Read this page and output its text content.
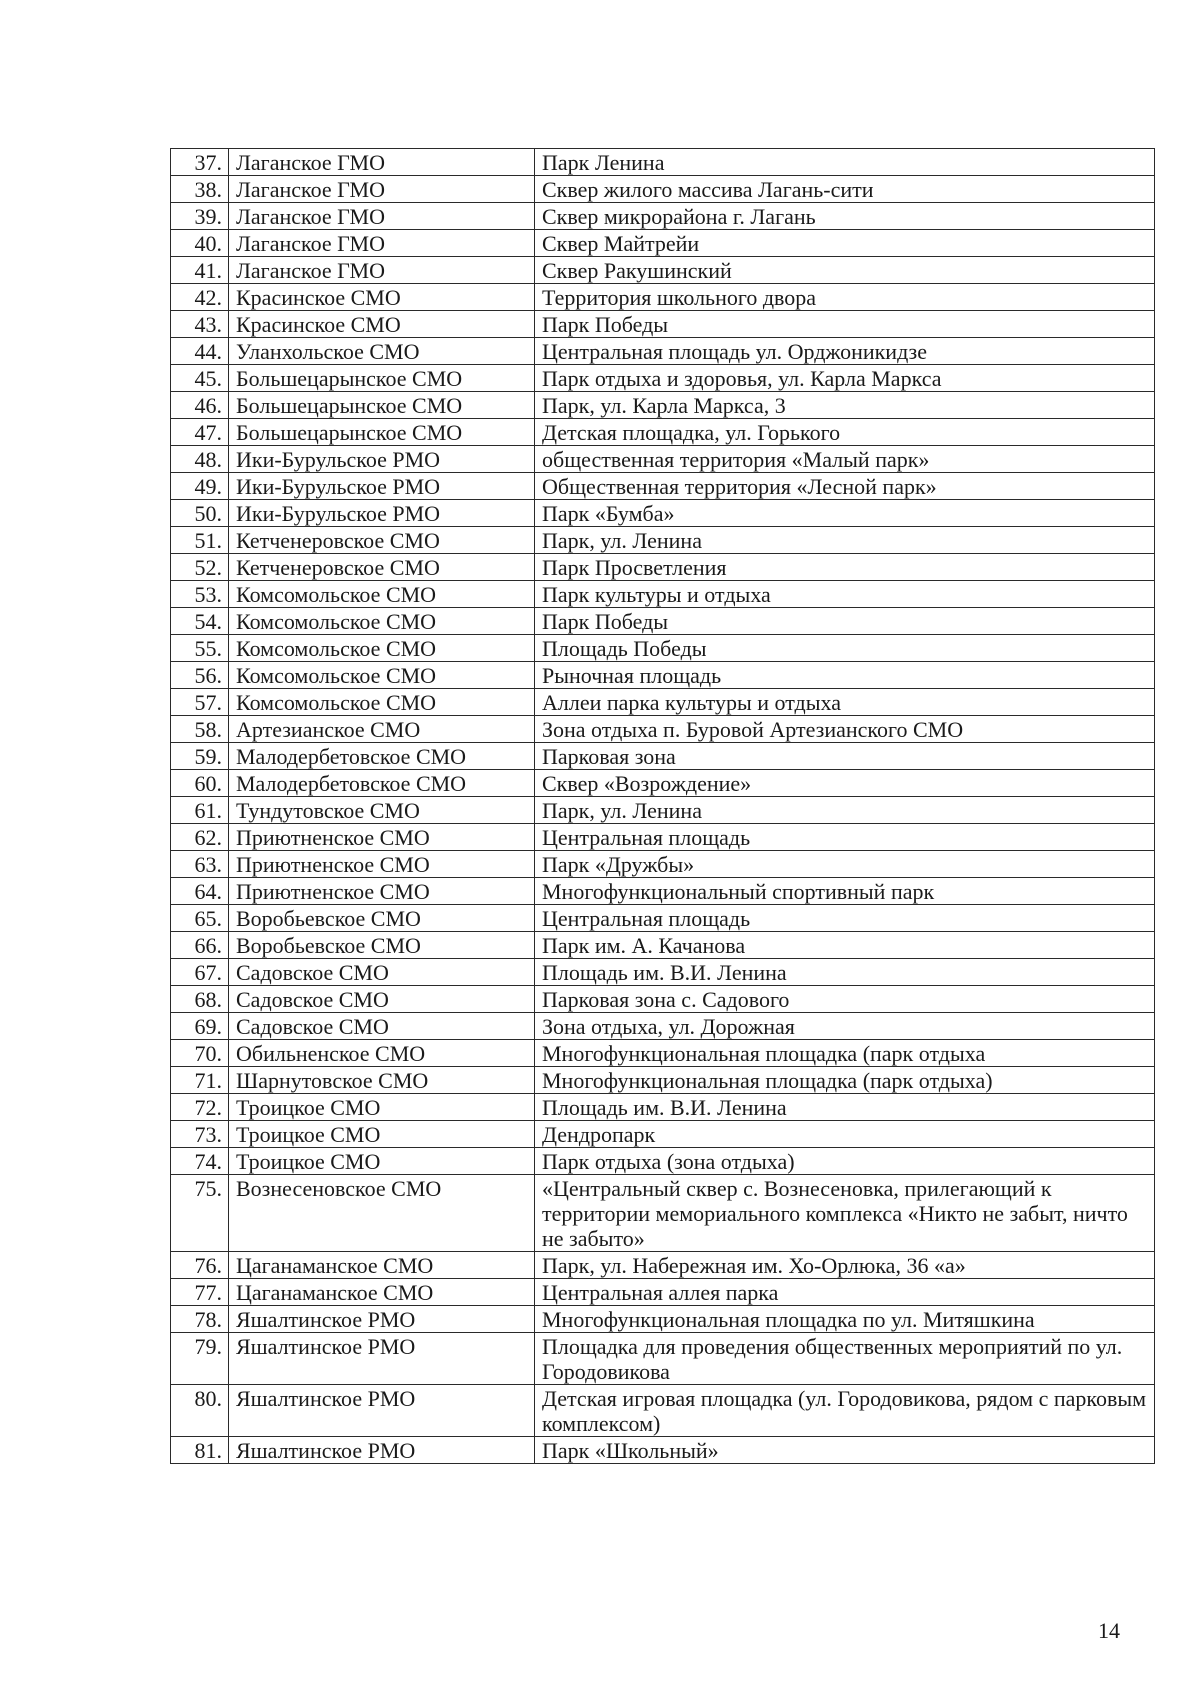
37.	Лаганское ГМО	Парк Ленина
38.	Лаганское ГМО	Сквер жилого массива Лагань-сити
39.	Лаганское ГМО	Сквер микрорайона г. Лагань
40.	Лаганское ГМО	Сквер Майтрейи
41.	Лаганское ГМО	Сквер Ракушинский
42.	Красинское СМО	Территория школьного двора
43.	Красинское СМО	Парк Победы
44.	Уланхольское СМО	Центральная площадь ул. Орджоникидзе
45.	Большецарынское СМО	Парк отдыха и здоровья, ул. Карла Маркса
46.	Большецарынское СМО	Парк, ул. Карла Маркса, 3
47.	Большецарынское СМО	Детская площадка, ул. Горького
48.	Ики-Бурульское РМО	общественная территория «Малый парк»
49.	Ики-Бурульское РМО	Общественная территория «Лесной парк»
50.	Ики-Бурульское РМО	Парк «Бумба»
51.	Кетченеровское СМО	Парк, ул. Ленина
52.	Кетченеровское СМО	Парк Просветления
53.	Комсомольское СМО	Парк культуры и отдыха
54.	Комсомольское СМО	Парк Победы
55.	Комсомольское СМО	Площадь Победы
56.	Комсомольское СМО	Рыночная площадь
57.	Комсомольское СМО	Аллеи парка культуры и отдыха
58.	Артезианское СМО	Зона отдыха п. Буровой Артезианского СМО
59.	Малодербетовское СМО	Парковая зона
60.	Малодербетовское СМО	Сквер «Возрождение»
61.	Тундутовское СМО	Парк, ул. Ленина
62.	Приютненское СМО	Центральная площадь
63.	Приютненское СМО	Парк «Дружбы»
64.	Приютненское СМО	Многофункциональный спортивный парк
65.	Воробьевское СМО	Центральная площадь
66.	Воробьевское СМО	Парк им. А. Качанова
67.	Садовское СМО	Площадь им. В.И. Ленина
68.	Садовское СМО	Парковая зона с. Садового
69.	Садовское СМО	Зона отдыха, ул. Дорожная
70.	Обильненское СМО	Многофункциональная площадка (парк отдыха
71.	Шарнутовское СМО	Многофункциональная площадка (парк отдыха)
72.	Троицкое СМО	Площадь им. В.И. Ленина
73.	Троицкое СМО	Дендропарк
74.	Троицкое СМО	Парк отдыха (зона отдыха)
75.	Вознесеновское СМО	«Центральный сквер с. Вознесеновка, прилегающий к территории мемориального комплекса «Никто не забыт, ничто не забыто»
76.	Цаганаманское СМО	Парк, ул. Набережная им. Хо-Орлюка, 36 «а»
77.	Цаганаманское СМО	Центральная аллея парка
78.	Яшалтинское РМО	Многофункциональная площадка по ул. Митяшкина
79.	Яшалтинское РМО	Площадка для проведения общественных мероприятий по ул. Городовикова
80.	Яшалтинское РМО	Детская игровая площадка (ул. Городовикова, рядом с парковым комплексом)
81.	Яшалтинское РМО	Парк «Школьный»
14
